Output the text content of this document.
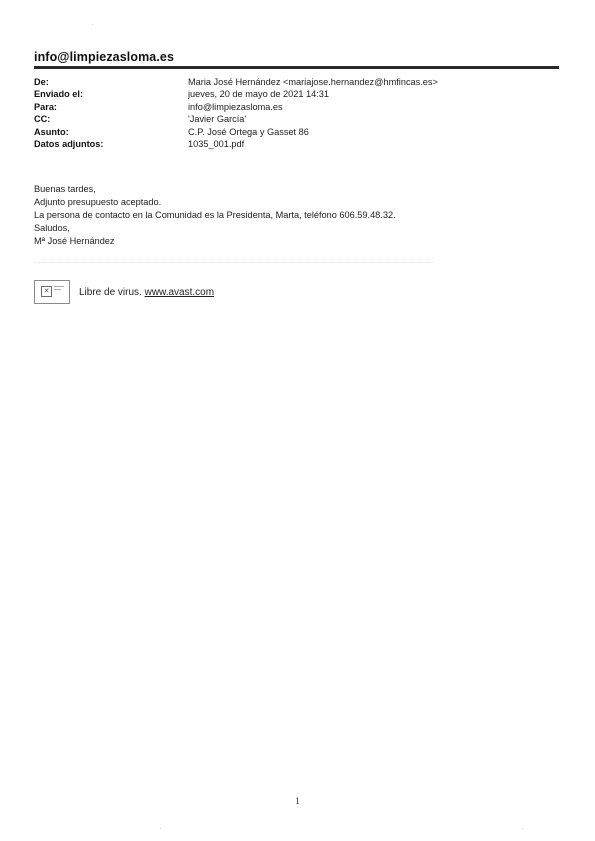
info@limpiezasloma.es
De:	Maria José Hernández <mariajose.hernandez@hmfincas.es>
Enviado el:	jueves, 20 de mayo de 2021 14:31
Para:	info@limpiezasloma.es
CC:	'Javier García'
Asunto:	C.P. José Ortega y Gasset 86
Datos adjuntos:	1035_001.pdf
Buenas tardes,
Adjunto presupuesto aceptado.
La persona de contacto en la Comunidad es la Presidenta, Marta, teléfono 606.59.48.32.
Saludos,
Mª José Hernández
✕	Libre de virus. www.avast.com
1
